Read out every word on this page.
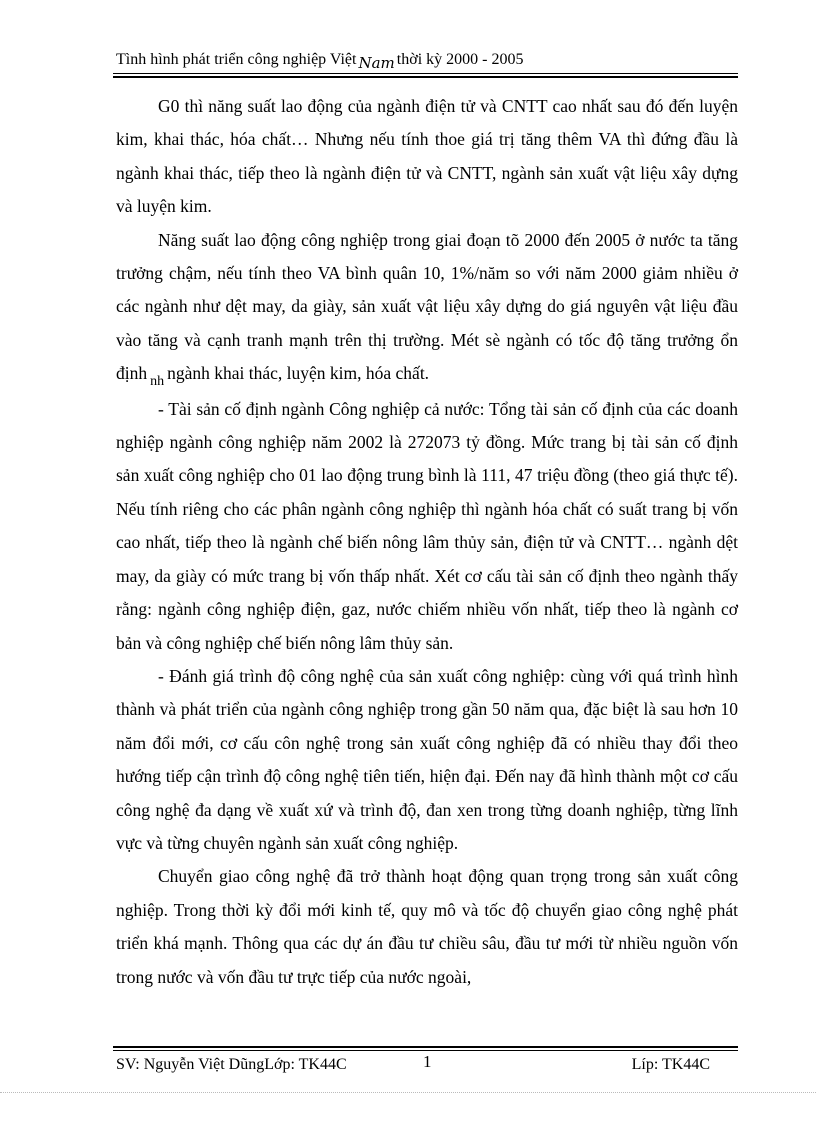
Tình hình phát triển công nghiệp Việt Nam thời kỳ 2000 - 2005

G0 thì năng suất lao động của ngành điện tử và CNTT cao nhất sau đó đến luyện kim, khai thác, hóa chất… Nhưng nếu tính thoe giá trị tăng thêm VA thì đứng đầu là ngành khai thác, tiếp theo là ngành điện tử và CNTT, ngành sản xuất vật liệu xây dựng và luyện kim.

Năng suất lao động công nghiệp trong giai đoạn tõ 2000 đến 2005 ở nước ta tăng trưởng chậm, nếu tính theo VA bình quân 10, 1%/năm so với năm 2000 giảm nhiều ở các ngành như dệt may, da giày, sản xuất vật liệu xây dựng do giá nguyên vật liệu đầu vào tăng và cạnh tranh mạnh trên thị trường. Mét sè ngành có tốc độ tăng trưởng ổn định $_{nh}$ ngành khai thác, luyện kim, hóa chất.

- Tài sản cố định ngành Công nghiệp cả nước: Tổng tài sản cố định của các doanh nghiệp ngành công nghiệp năm 2002 là 272073 tỷ đồng. Mức trang bị tài sản cố định sản xuất công nghiệp cho 01 lao động trung bình là 111, 47 triệu đồng (theo giá thực tế). Nếu tính riêng cho các phân ngành công nghiệp thì ngành hóa chất có suất trang bị vốn cao nhất, tiếp theo là ngành chế biến nông lâm thủy sản, điện tử và CNTT… ngành dệt may, da giày có mức trang bị vốn thấp nhất. Xét cơ cấu tài sản cố định theo ngành thấy rằng: ngành công nghiệp điện, gaz, nước chiếm nhiều vốn nhất, tiếp theo là ngành cơ bản và công nghiệp chế biến nông lâm thủy sản.

- Đánh giá trình độ công nghệ của sản xuất công nghiệp: cùng với quá trình hình thành và phát triển của ngành công nghiệp trong gần 50 năm qua, đặc biệt là sau hơn 10 năm đổi mới, cơ cấu côn nghệ trong sản xuất công nghiệp đã có nhiều thay đổi theo hướng tiếp cận trình độ công nghệ tiên tiến, hiện đại. Đến nay đã hình thành một cơ cấu công nghệ đa dạng về xuất xứ và trình độ, đan xen trong từng doanh nghiệp, từng lĩnh vực và từng chuyên ngành sản xuất công nghiệp.

Chuyển giao công nghệ đã trở thành hoạt động quan trọng trong sản xuất công nghiệp. Trong thời kỳ đổi mới kinh tế, quy mô và tốc độ chuyển giao công nghệ phát triển khá mạnh. Thông qua các dự án đầu tư chiều sâu, đầu tư mới từ nhiều nguồn vốn trong nước và vốn đầu tư trực tiếp của nước ngoài,

SV: Nguyễn Việt DũngLớp: TK44C	1	Líp: TK44C
